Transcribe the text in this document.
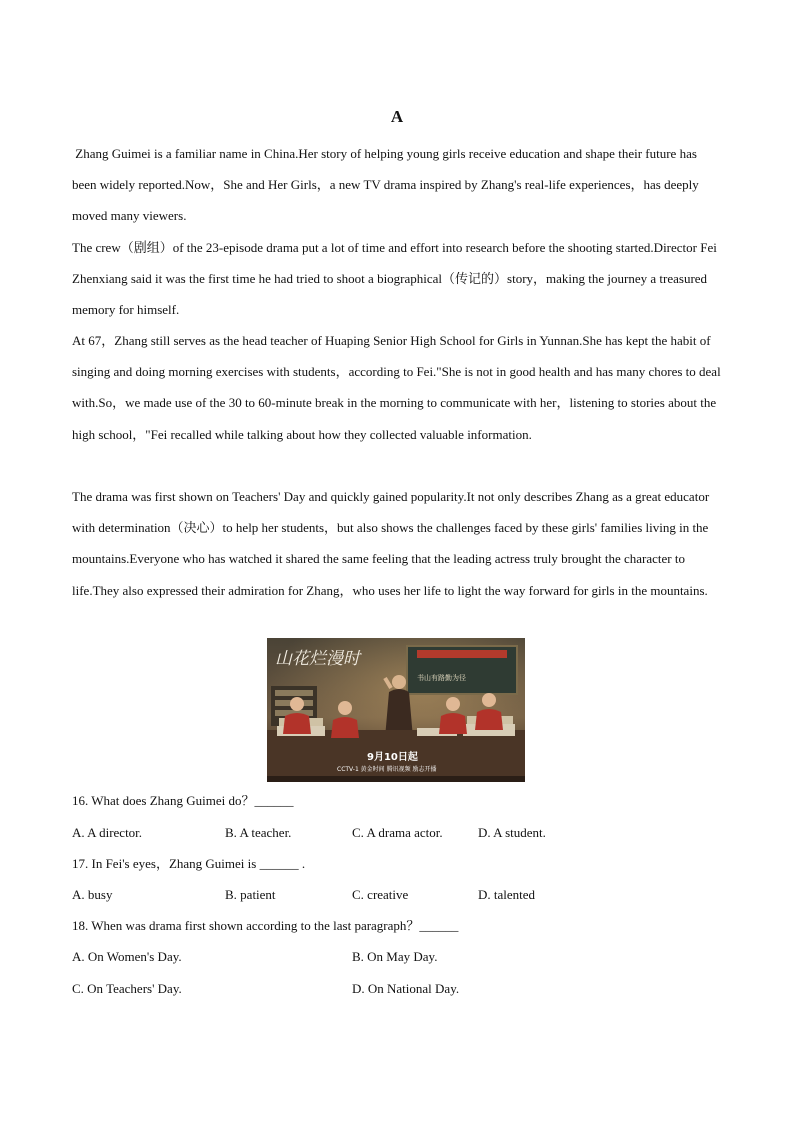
A

Zhang Guimei is a familiar name in China.Her story of helping young girls receive education and shape their future has been widely reported.Now，She and Her Girls，a new TV drama inspired by Zhang's real-life experiences，has deeply moved many viewers.

The crew（剧组）of the 23-episode drama put a lot of time and effort into research before the shooting started.Director Fei Zhenxiang said it was the first time he had tried to shoot a biographical（传记的）story，making the journey a treasured memory for himself.

At 67，Zhang still serves as the head teacher of Huaping Senior High School for Girls in Yunnan.She has kept the habit of singing and doing morning exercises with students，according to Fei."She is not in good health and has many chores to deal with.So，we made use of the 30 to 60-minute break in the morning to communicate with her，listening to stories about the high school，"Fei recalled while talking about how they collected valuable information.

The drama was first shown on Teachers' Day and quickly gained popularity.It not only describes Zhang as a great educator with determination（决心）to help her students，but also shows the challenges faced by these girls' families living in the mountains.Everyone who has watched it shared the same feeling that the leading actress truly brought the character to life.They also expressed their admiration for Zhang，who uses her life to light the way forward for girls in the mountains.

山花烂漫时
书山有路勤为径
9月10日起
CCTV-1 黄金时间 腾讯视频 励志开播
16. What does Zhang Guimei do？______
A. A director.	B. A teacher.	C. A drama actor.	D. A student.
17. In Fei's eyes，Zhang Guimei is ______ .
A. busy	B. patient	C. creative	D. talented
18. When was drama first shown according to the last paragraph？______
A. On Women's Day.	B. On May Day.
C. On Teachers' Day.	D. On National Day.
